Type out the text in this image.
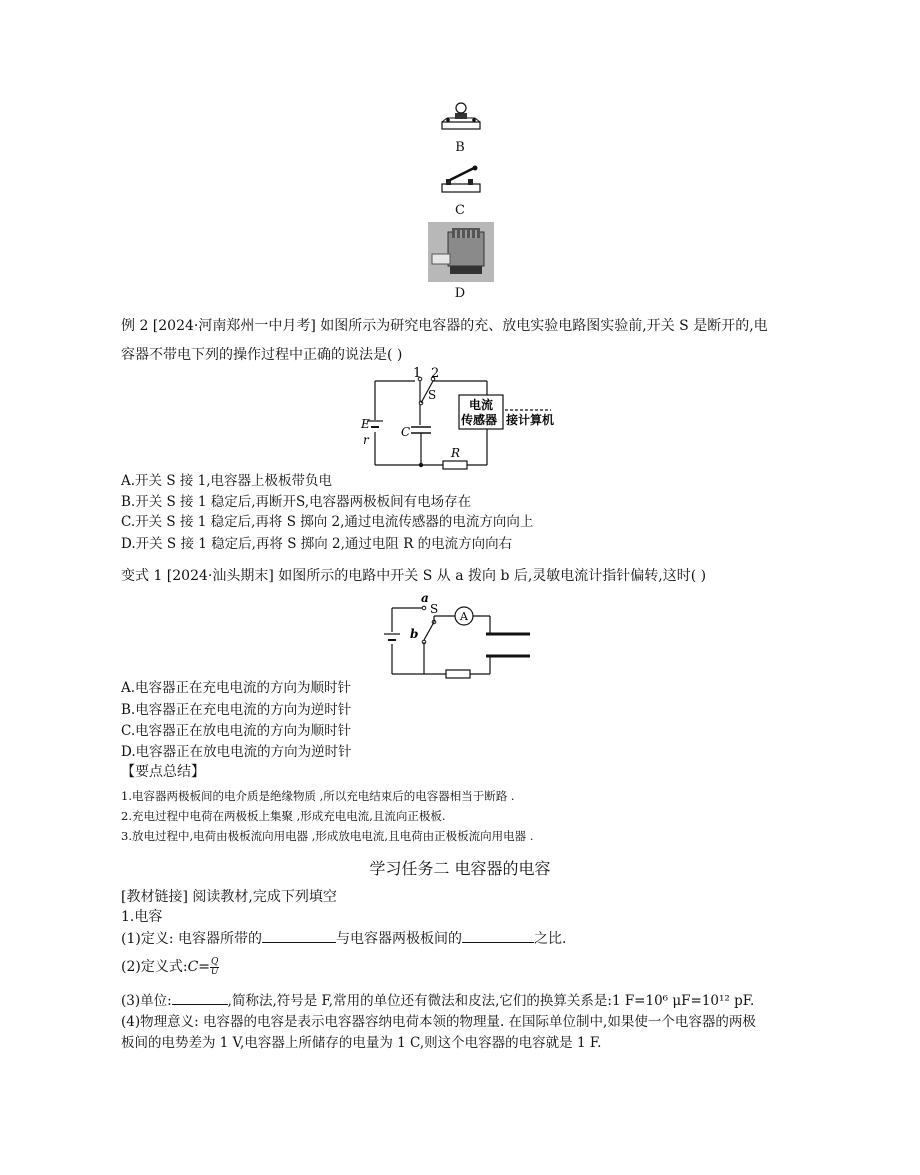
B
C
D
例 2 [2024·河南郑州一中月考] 如图所示为研究电容器的充、放电实验电路图实验前,开关 S 是断开的,电
容器不带电下列的操作过程中正确的说法是( )
1 2
S
E
r
C
R
电流
传感器 接计算机
A.开关 S 接 1,电容器上极板带负电
B.开关 S 接 1 稳定后,再断开S,电容器两极板间有电场存在
C.开关 S 接 1 稳定后,再将 S 掷向 2,通过电流传感器的电流方向向上
D.开关 S 接 1 稳定后,再将 S 掷向 2,通过电阻 R 的电流方向向右
变式 1 [2024·汕头期末] 如图所示的电路中开关 S 从 a 拨向 b 后,灵敏电流计指针偏转,这时( )
a
S
b
A
A.电容器正在充电电流的方向为顺时针
B.电容器正在充电电流的方向为逆时针
C.电容器正在放电电流的方向为顺时针
D.电容器正在放电电流的方向为逆时针
【要点总结】
1.电容器两极板间的电介质是绝缘物质 ,所以充电结束后的电容器相当于断路 .
2.充电过程中电荷在两极板上集聚 ,形成充电电流,且流向正极板.
3.放电过程中,电荷由极板流向用电器 ,形成放电电流,且电荷由正极板流向用电器 .
学习任务二 电容器的电容
[教材链接] 阅读教材,完成下列填空
1.电容
(1)定义: 电容器所带的	与电容器两极板间的	之比.
(2)定义式:C= $\frac{Q}{U}$
(3)单位:	,简称法,符号是 F,常用的单位还有微法和皮法,它们的换算关系是:1 F=10⁶ μF=10¹² pF.
(4)物理意义: 电容器的电容是表示电容器容纳电荷本领的物理量. 在国际单位制中,如果使一个电容器的两极
板间的电势差为 1 V,电容器上所储存的电量为 1 C,则这个电容器的电容就是 1 F.
